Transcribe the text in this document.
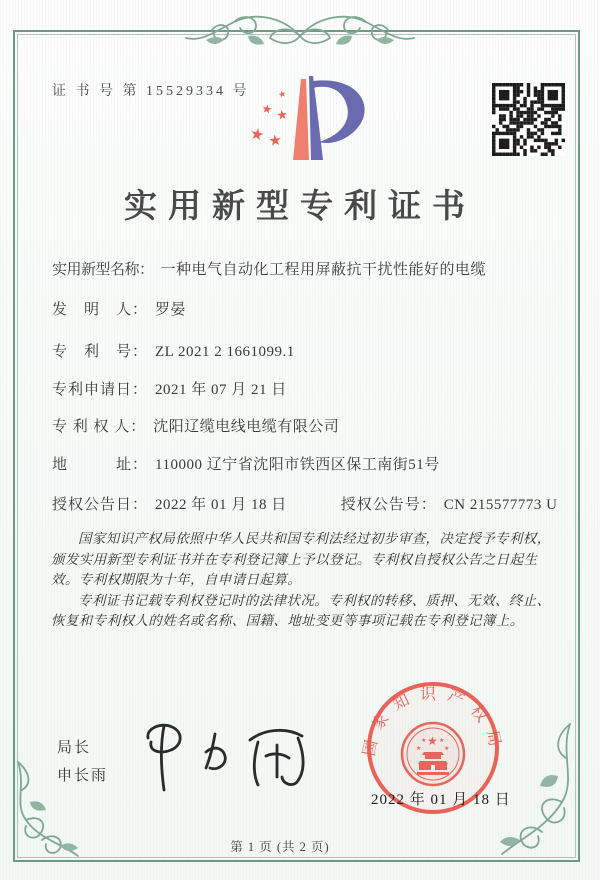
证 书 号 第 15529334 号	★
★ ★
★ ★
实用新型专利证书
实用新型名称： 一种电气自动化工程用屏蔽抗干扰性能好的电缆
发　明　人： 罗晏
专　利　号： ZL 2021 2 1661099.1
专利申请日： 2021 年 07 月 21 日
专 利 权 人： 沈阳辽缆电线电缆有限公司
地　　　址： 110000 辽宁省沈阳市铁西区保工南街51号
授权公告日： 2022 年 01 月 18 日	授权公告号： CN 215577773 U

国家知识产权局依照中华人民共和国专利法经过初步审查，决定授予专利权，颁发实用新型专利证书并在专利登记簿上予以登记。专利权自授权公告之日起生效。专利权期限为十年，自申请日起算。

专利证书记载专利权登记时的法律状况。专利权的转移、质押、无效、终止、恢复和专利权人的姓名或名称、国籍、地址变更等事项记载在专利登记簿上。

局长
申长雨
国家知识产权局
★
★
★ ★
★
2022 年 01 月 18 日
第 1 页 (共 2 页)
